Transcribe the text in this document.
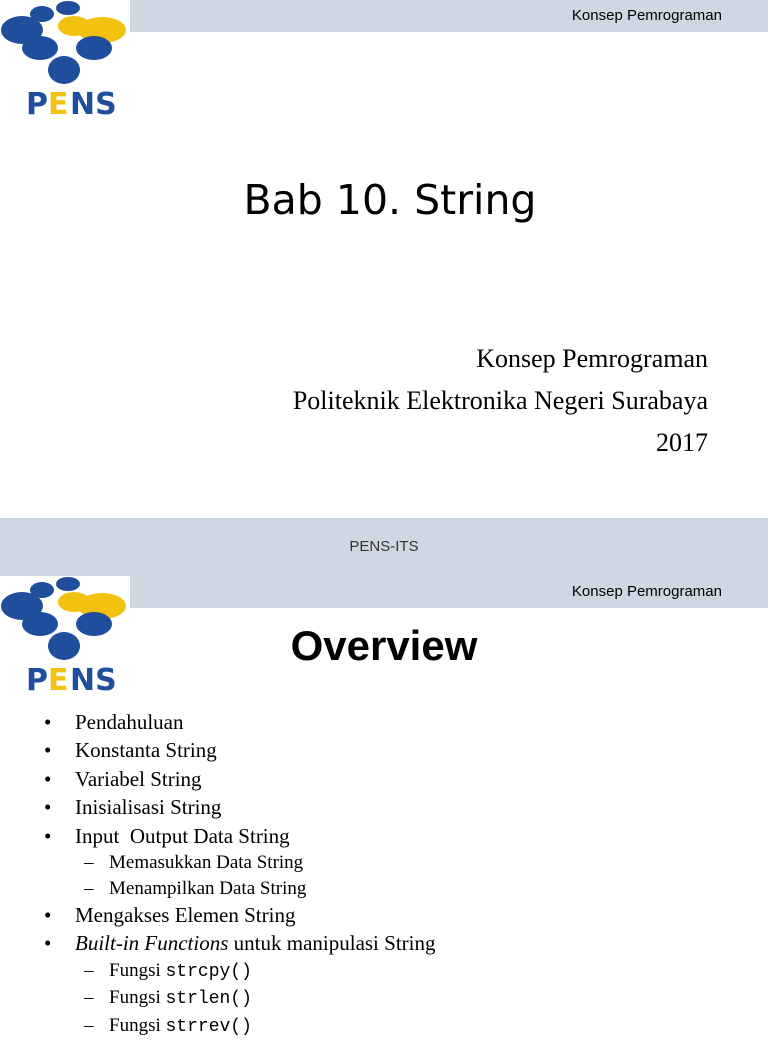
Konsep Pemrograman
P E NS
Bab 10. String
Konsep Pemrograman
Politeknik Elektronika Negeri Surabaya
2017
PENS-ITS
Konsep Pemrograman
P E NS
Overview
• Pendahuluan
• Konstanta String
• Variabel String
• Inisialisasi String
• Input  Output Data String
– Memasukkan Data String
– Menampilkan Data String
• Mengakses Elemen String
• Built-in Functions untuk manipulasi String
– Fungsi strcpy()
– Fungsi strlen()
– Fungsi strrev()
